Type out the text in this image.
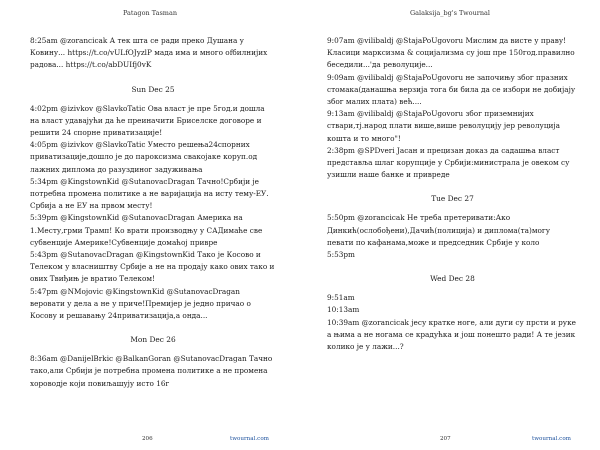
Patagon Tasman
8:25am @zorancicak А тек шта се ради преко Душана у Ковину... https://t.co/vULfOJyzlP мада има и много ofбилнијих радова... https://t.co/abDUIfj0vK
Sun Dec 25
4:02pm @izivkov @SlavkoTatic Ова власт је пре 5год.и дошла на власт удавајући да ће преиначити Бриселске договоре и решити 24 спорне приватизације!
4:05pm @izivkov @SlavkoTatic Уместо решења24спорних приватизације,дошло је до пароксизма свакојаке коруп.од лажних диплома до разуздиног задуживања
5:34pm @KingstownKid @SutanovacDragan Тачно!Србији је потребна промена политике а не варијација на исту тему-ЕУ. Србија а не ЕУ на првом месту!
5:39pm @KingstownKid @SutanovacDragan Америка на 1.Месту,грми Трамп! Ко врати производњу у САДимаће све субвенције Америке!Субвенције домаћој привре
5:43pm @SutanovacDragan @KingstownKid Тако је Косово и Телеком у власништву Србије а не на продају како овиx тако и овиx Твиђињ је вратио Телеком!
5:47pm @NMojovic @KingstownKid @SutanovacDragan веровати у дела а не у приче!Премијер је једно причао о Косову и решавању 24приватизација,а онда...
Mon Dec 26
8:36am @DanijelBrkic @BalkanGoran @SutanovacDragan Тачно тако,али Србији је потребна промена политике а не промена хороводје који повиљашују исто 16г
206	twournal.com
Galaksija_bg's Twournal
9:07am @vilibaldj @StajaPoUgovoru Мислим да висте у праву! Класици марксизма & социјализма су још пре 150год.правилно беседили...'да револуције...
9:09am @vilibaldj @StajaPoUgovoru не започињу због празних стомака(данашња верзија тога би била да се избори не добијају због малих плата) већ....
9:13am @vilibaldj @StajaPoUgovoru због приземнијих ствари,тј.народ плати више,више револуцију јер револуција кошта и то много"!
2:38pm @SPDveri Јасан и прецизан доказ да садашња власт представља шлаг корупције у Србији:министрала је овеком су узишли наше банке и привреде
Tue Dec 27
5:50pm @zorancicak Не треба претеривати:Ако Динкић(ослобођени),Дачић(полиција) и диплома(та)могу певати по кафанама,може и председник Србије у коло
5:53pm
Wed Dec 28
9:51am
10:13am
10:39am @zorancicak јесу кратке ноге, али дуги су прсти и руке а њима а не ногама се крадућка и још понешто ради! А те језик колико је у лажи...?
207	twournal.com
